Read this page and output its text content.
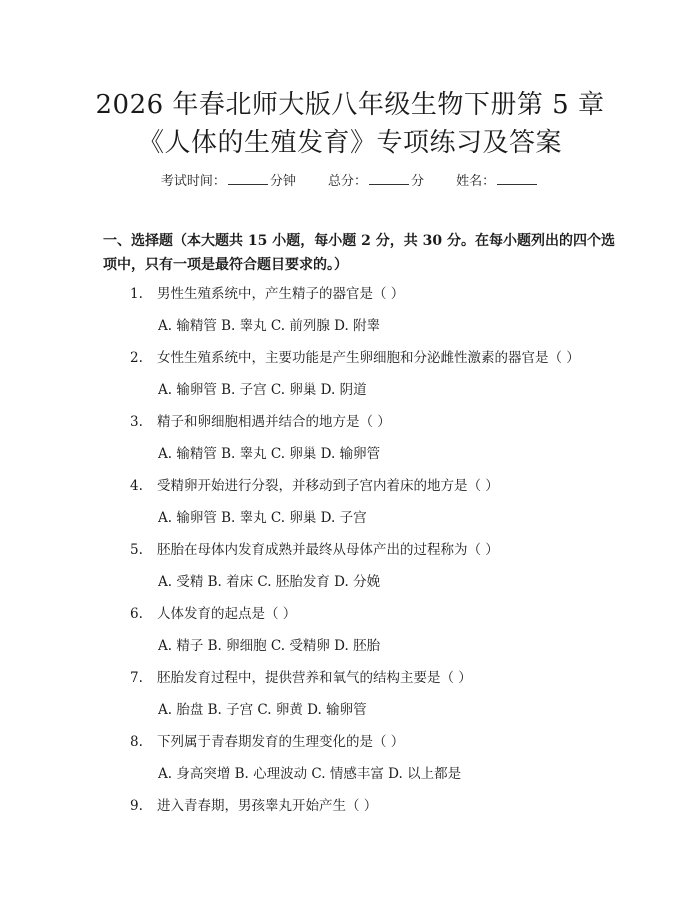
2026 年春北师大版八年级生物下册第 5 章
《人体的生殖发育》专项练习及答案
考试时间：	分钟 总分：	分 姓名：
一、选择题（本大题共 15 小题，每小题 2 分，共 30 分。在每小题列出的四个选项中，只有一项是最符合题目要求的。）
1. 男性生殖系统中，产生精子的器官是（ ）
A. 输精管 B. 睾丸 C. 前列腺 D. 附睾
2. 女性生殖系统中，主要功能是产生卵细胞和分泌雌性激素的器官是（ ）
A. 输卵管 B. 子宫 C. 卵巢 D. 阴道
3. 精子和卵细胞相遇并结合的地方是（ ）
A. 输精管 B. 睾丸 C. 卵巢 D. 输卵管
4. 受精卵开始进行分裂，并移动到子宫内着床的地方是（ ）
A. 输卵管 B. 睾丸 C. 卵巢 D. 子宫
5. 胚胎在母体内发育成熟并最终从母体产出的过程称为（ ）
A. 受精 B. 着床 C. 胚胎发育 D. 分娩
6. 人体发育的起点是（ ）
A. 精子 B. 卵细胞 C. 受精卵 D. 胚胎
7. 胚胎发育过程中，提供营养和氧气的结构主要是（ ）
A. 胎盘 B. 子宫 C. 卵黄 D. 输卵管
8. 下列属于青春期发育的生理变化的是（ ）
A. 身高突增 B. 心理波动 C. 情感丰富 D. 以上都是
9. 进入青春期，男孩睾丸开始产生（ ）
